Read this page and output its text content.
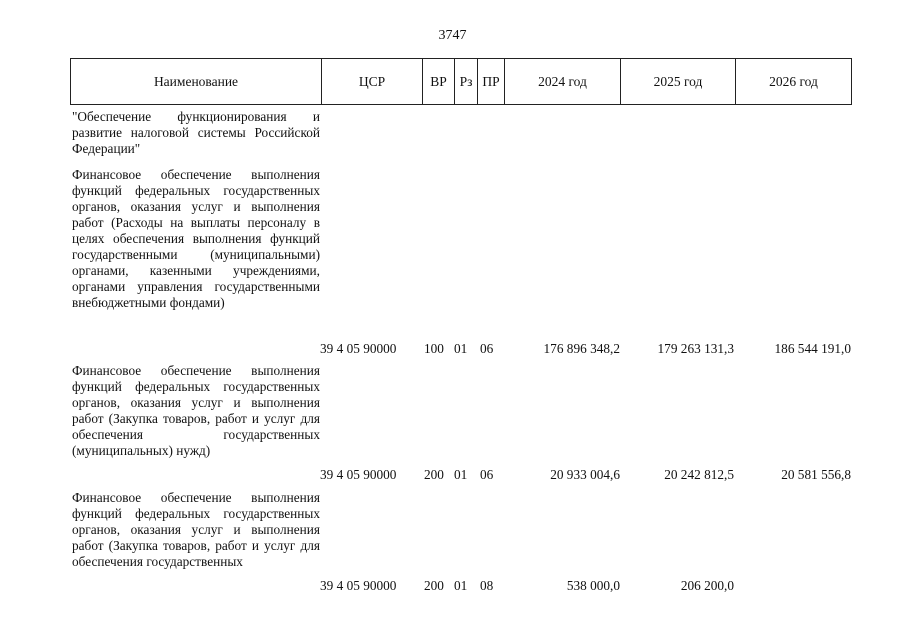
3747
Наименование	ЦСР	ВР Рз ПР	2024 год	2025 год	2026 год
"Обеспечение функционирования и развитие налоговой системы Российской Федерации"
Финансовое обеспечение выполнения функций федеральных государственных органов, оказания услуг и выполнения работ (Расходы на выплаты персоналу в целях обеспечения выполнения функций государственными (муниципальными) органами, казенными учреждениями, органами управления государственными внебюджетными фондами)
39 4 05 90000	100 01 06	176 896 348,2	179 263 131,3	186 544 191,0
Финансовое обеспечение выполнения функций федеральных государственных органов, оказания услуг и выполнения работ (Закупка товаров, работ и услуг для обеспечения государственных (муниципальных) нужд)
39 4 05 90000	200 01 06	20 933 004,6	20 242 812,5	20 581 556,8
Финансовое обеспечение выполнения функций федеральных государственных органов, оказания услуг и выполнения работ (Закупка товаров, работ и услуг для обеспечения государственных
39 4 05 90000	200 01 08	538 000,0	206 200,0
